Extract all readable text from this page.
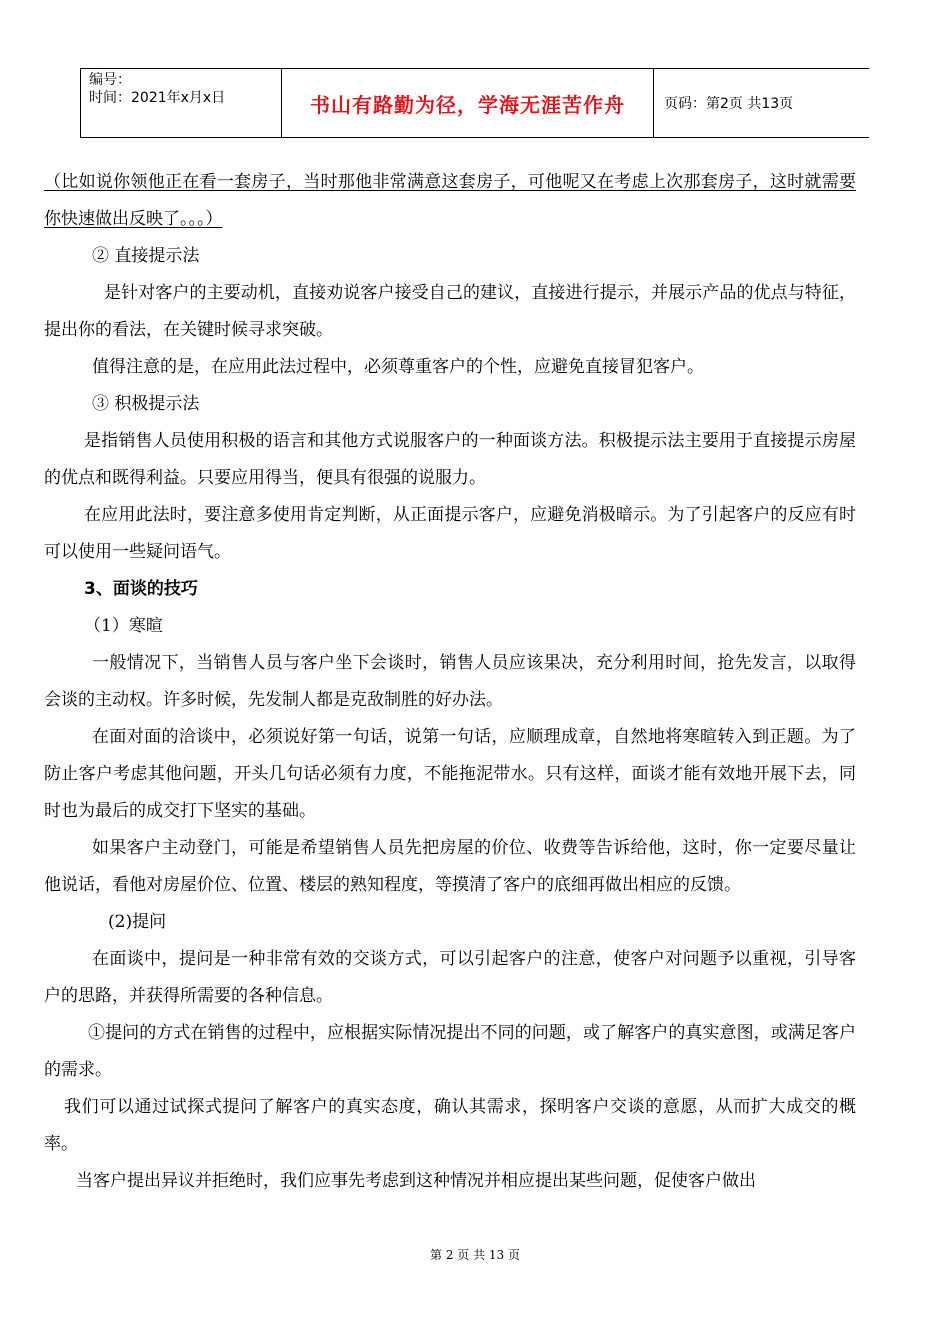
编号：
时间：2021年x月x日	书山有路勤为径，学海无涯苦作舟	页码：第2页 共13页

（比如说你领他正在看一套房子，当时那他非常满意这套房子，可他呢又在考虑上次那套房子，这时就需要你快速做出反映了。。。）

② 直接提示法

是针对客户的主要动机，直接劝说客户接受自己的建议，直接进行提示，并展示产品的优点与特征，提出你的看法，在关键时候寻求突破。

值得注意的是，在应用此法过程中，必须尊重客户的个性，应避免直接冒犯客户。

③ 积极提示法

是指销售人员使用积极的语言和其他方式说服客户的一种面谈方法。积极提示法主要用于直接提示房屋的优点和既得利益。只要应用得当，便具有很强的说服力。

在应用此法时，要注意多使用肯定判断，从正面提示客户，应避免消极暗示。为了引起客户的反应有时可以使用一些疑问语气。

3、面谈的技巧

（1）寒暄

一般情况下，当销售人员与客户坐下会谈时，销售人员应该果决，充分利用时间，抢先发言，以取得会谈的主动权。许多时候，先发制人都是克敌制胜的好办法。

在面对面的洽谈中，必须说好第一句话，说第一句话，应顺理成章，自然地将寒暄转入到正题。为了防止客户考虑其他问题，开头几句话必须有力度，不能拖泥带水。只有这样，面谈才能有效地开展下去，同时也为最后的成交打下坚实的基础。

如果客户主动登门，可能是希望销售人员先把房屋的价位、收费等告诉给他，这时，你一定要尽量让他说话，看他对房屋价位、位置、楼层的熟知程度，等摸清了客户的底细再做出相应的反馈。

(2)提问

在面谈中，提问是一种非常有效的交谈方式，可以引起客户的注意，使客户对问题予以重视，引导客户的思路，并获得所需要的各种信息。

①提问的方式在销售的过程中，应根据实际情况提出不同的问题，或了解客户的真实意图，或满足客户的需求。

我们可以通过试探式提问了解客户的真实态度，确认其需求，探明客户交谈的意愿，从而扩大成交的概率。

当客户提出异议并拒绝时，我们应事先考虑到这种情况并相应提出某些问题，促使客户做出

第 2 页 共 13 页
